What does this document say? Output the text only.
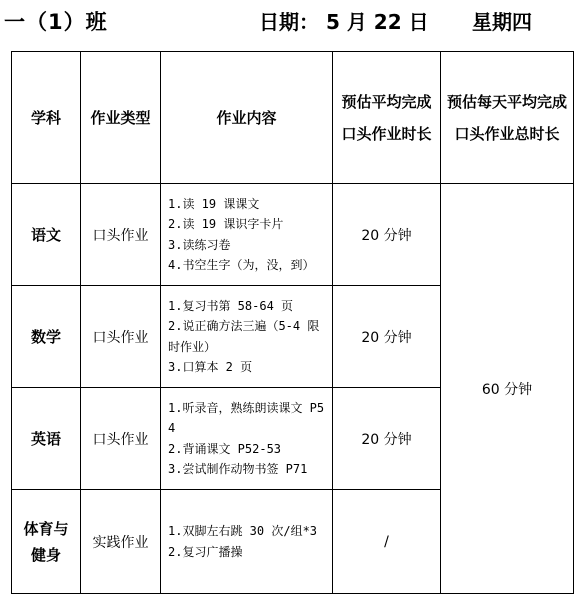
一（1）班	日期： 5 月 22 日 星期四
学科	作业类型	作业内容	预估平均完成口头作业时长	预估每天平均完成口头作业总时长
语文	口头作业	1.读 19 课课文
2.读 19 课识字卡片
3.读练习卷
4.书空生字（为，没，到）	20 分钟	60 分钟
数学	口头作业	1.复习书第 58-64 页
2.说正确方法三遍（5-4 限时作业）
3.口算本 2 页	20 分钟	
英语	口头作业	1.听录音，熟练朗读课文 P54
2.背诵课文 P52-53
3.尝试制作动物书签 P71	20 分钟	
体育与健身	实践作业	1.双脚左右跳 30 次/组*3
2.复习广播操	/	
